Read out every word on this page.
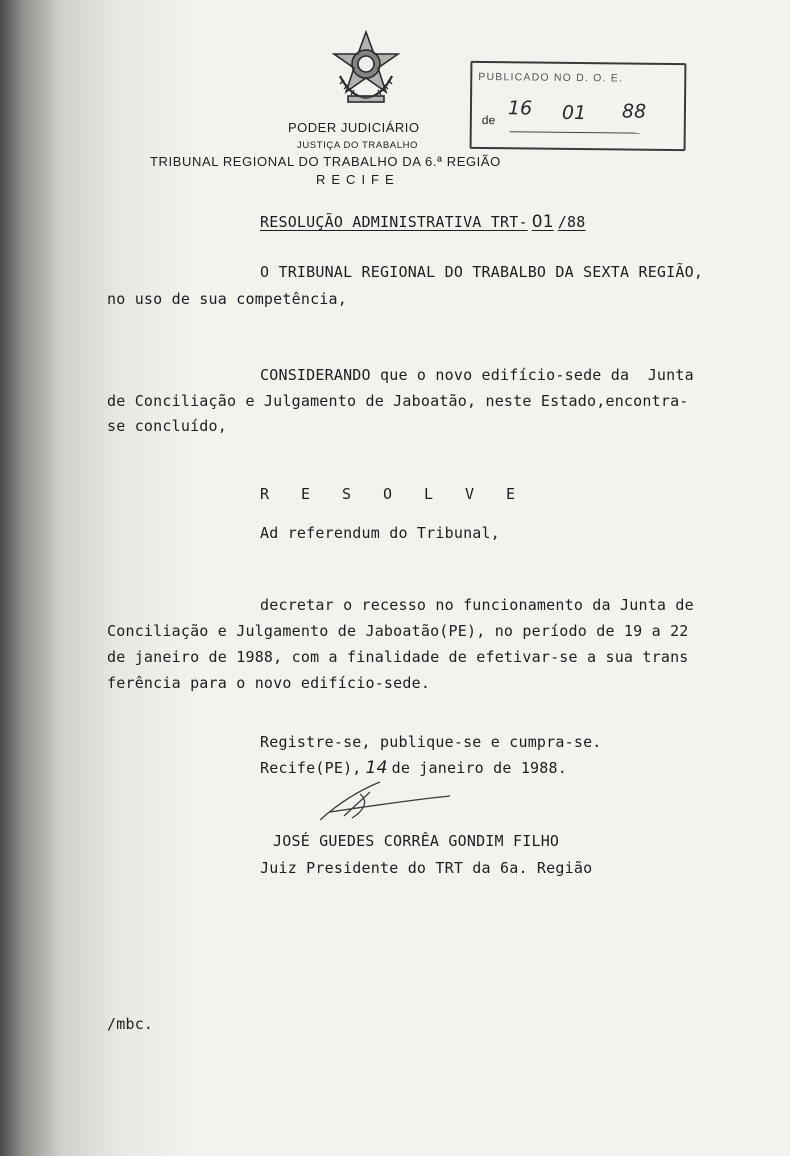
PODER JUDICIÁRIO
JUSTIÇA DO TRABALHO
TRIBUNAL REGIONAL DO TRABALHO DA 6.ª REGIÃO
RECIFE
PUBLICADO NO D. O. E.
de
16 01 88
RESOLUÇÃO ADMINISTRATIVA TRT- 01 /88
O TRIBUNAL REGIONAL DO TRABALBO DA SEXTA REGIÃO,
no uso de sua competência,
CONSIDERANDO que o novo edifício-sede da  Junta
de Conciliação e Julgamento de Jaboatão, neste Estado,encontra-
se concluído,
R E S O L V E
Ad referendum do Tribunal,
decretar o recesso no funcionamento da Junta de
Conciliação e Julgamento de Jaboatão(PE), no período de 19 a 22
de janeiro de 1988, com a finalidade de efetivar-se a sua trans
ferência para o novo edifício-sede.
Registre-se, publique-se e cumpra-se.
Recife(PE), 14 de janeiro de 1988.
JOSÉ GUEDES CORRÊA GONDIM FILHO
Juiz Presidente do TRT da 6a. Região
/mbc.
